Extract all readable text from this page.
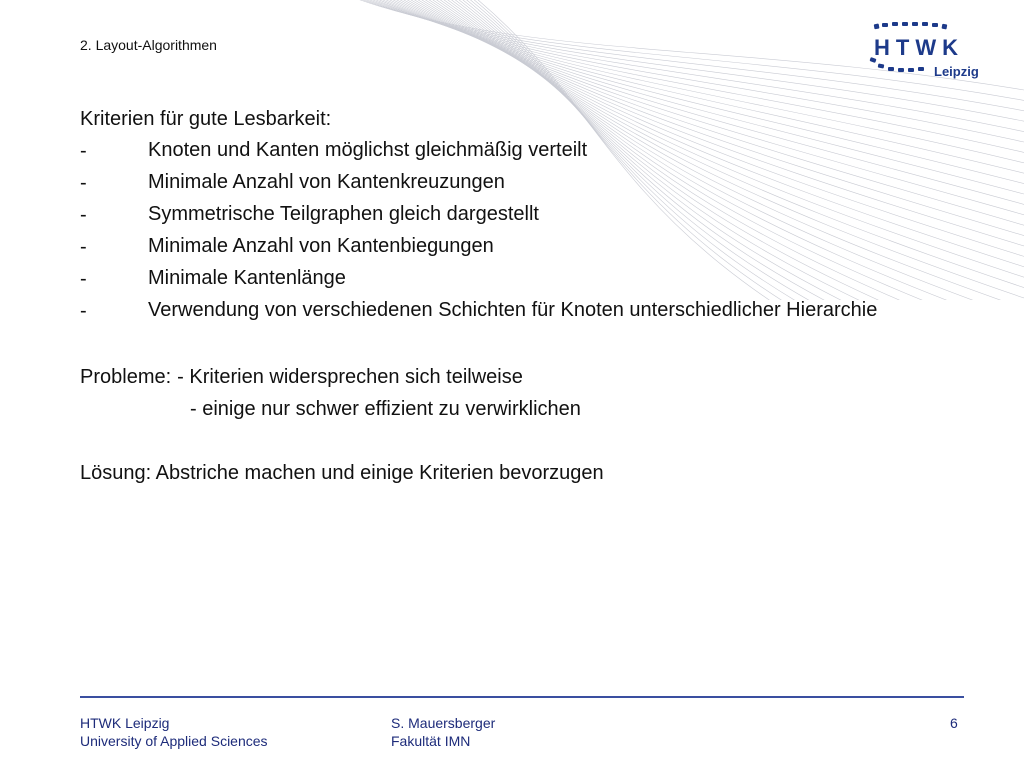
2. Layout-Algorithmen	HTWK
Leipzig
Kriterien für gute Lesbarkeit:
-	Knoten und Kanten möglichst gleichmäßig verteilt
-	Minimale Anzahl von Kantenkreuzungen
-	Symmetrische Teilgraphen gleich dargestellt
-	Minimale Anzahl von Kantenbiegungen
-	Minimale Kantenlänge
-	Verwendung von verschiedenen Schichten für Knoten unterschiedlicher Hierarchie
Probleme: - Kriterien widersprechen sich teilweise
- einige nur schwer effizient zu verwirklichen
Lösung: Abstriche machen und einige Kriterien bevorzugen
HTWK Leipzig
University of Applied Sciences
S. Mauersberger
Fakultät IMN
6
